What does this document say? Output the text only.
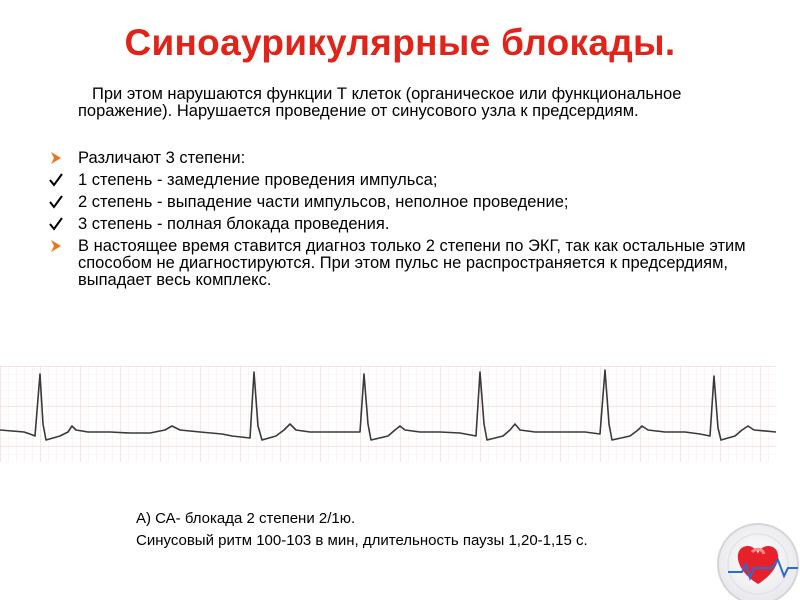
Синоаурикулярные блокады.
При этом нарушаются функции Т клеток (органическое или функциональное поражение). Нарушается проведение от синусового узла к предсердиям.
Различают 3 степени:
1 степень - замедление проведения импульса;
2 степень - выпадение части импульсов, неполное проведение;
3 степень - полная блокада проведения.
В настоящее время ставится диагноз только 2 степени по ЭКГ, так как остальные этим способом не диагностируются. При этом пульс не распространяется к предсердиям, выпадает весь комплекс.
А) СА- блокада 2 степени 2/1ю.
Синусовый ритм 100-103 в мин, длительность паузы 1,20-1,15 с.
